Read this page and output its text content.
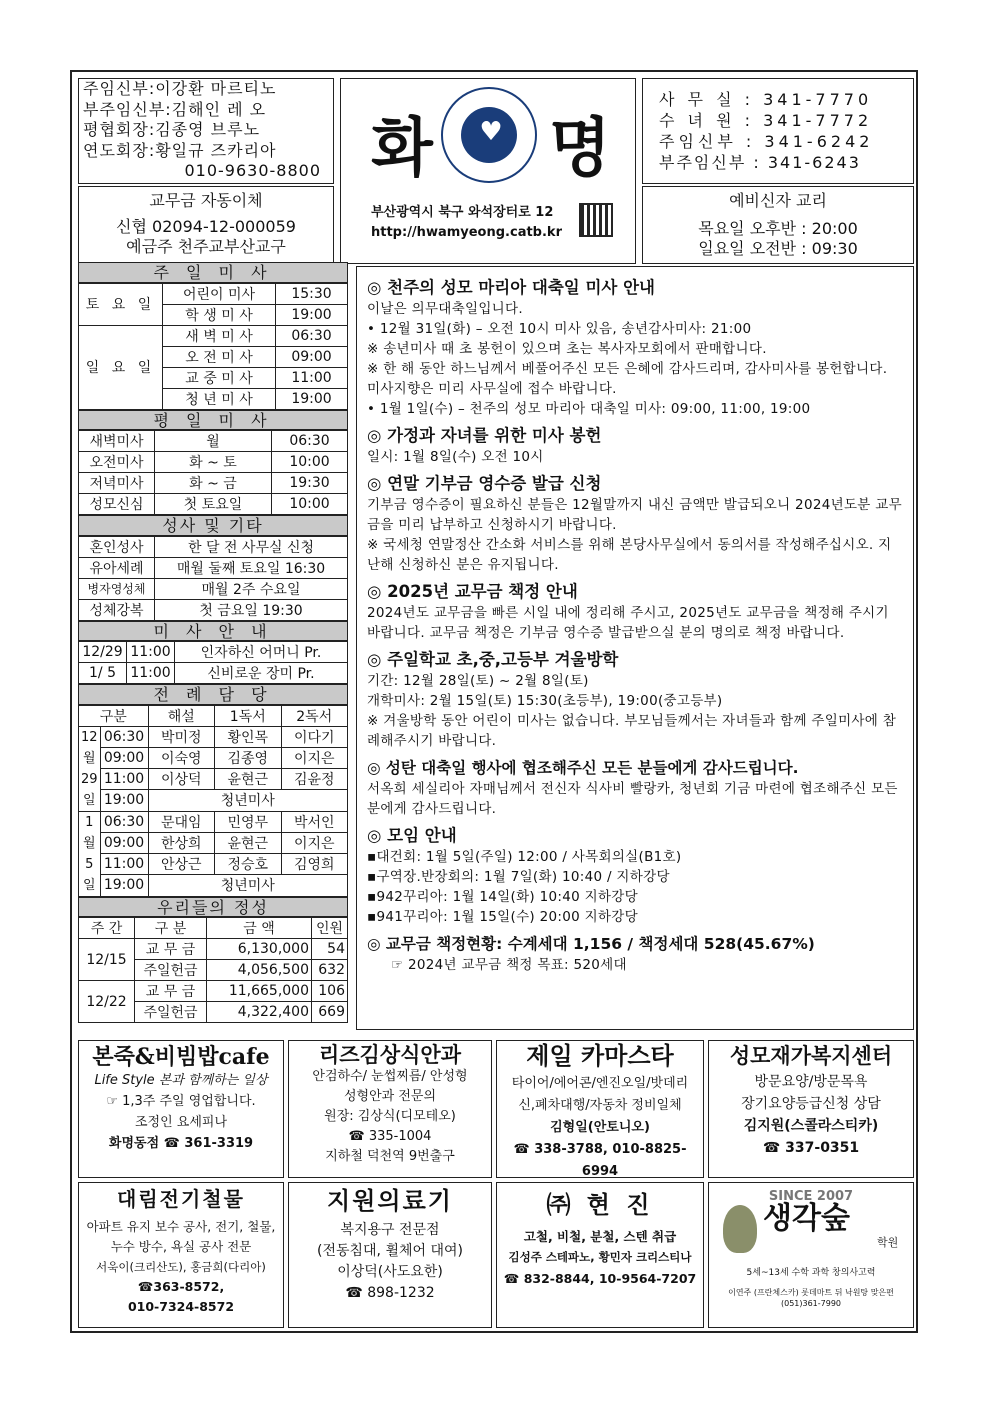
주임신부:이강환 마르티노
부주임신부:김해인 레 오
평협회장:김종영 브루노
연도회장:황일규 즈카리아
010-9630-8800
교무금 자동이체
신협 02094-12-000059
예금주 천주교부산교구
화 ♥ 명
부산광역시 북구 와석장터로 12
http://hwamyeong.catb.kr
사 무 실 : 341-7770
수 녀 원 : 341-7772
주임신부 : 341-6242
부주임신부 : 341-6243
예비신자 교리
목요일 오후반 : 20:00
일요일 오전반 : 09:30
주 일 미 사
토 요 일	어린이 미사	15:30
	학 생 미 사	19:00
일 요 일	새 벽 미 사	06:30
	오 전 미 사	09:00
	교 중 미 사	11:00
	청 년 미 사	19:00
평 일 미 사
새벽미사	월	06:30
오전미사	화 ~ 토	10:00
저녁미사	화 ~ 금	19:30
성모신심	첫 토요일	10:00
성사 및 기타
혼인성사	한 달 전 사무실 신청
유아세례	매월 둘째 토요일 16:30
병자영성체	매월 2주 수요일
성체강복	첫 금요일 19:30
미 사 안 내
12/29	11:00	인자하신 어머니 Pr.
1/ 5	11:00	신비로운 장미 Pr.
전 례 담 당
구분		해설	1독서	2독서
12월29일	06:30	박미정	황인목	이다기
	09:00	이숙영	김종영	이지은
	11:00	이상덕	윤현근	김윤정
	19:00	청년미사		
1월5일	06:30	문대임	민영무	박서인
	09:00	한상희	윤현근	이지은
	11:00	안상근	정승호	김영희
	19:00	청년미사		
우리들의 정성
주 간	구 분	금 액	인원
12/15	교 무 금	6,130,000	54
	주일헌금	4,056,500	632
12/22	교 무 금	11,665,000	106
	주일헌금	4,322,400	669
◎ 천주의 성모 마리아 대축일 미사 안내

이날은 의무대축일입니다.

• 12월 31일(화) – 오전 10시 미사 있음, 송년감사미사: 21:00

※ 송년미사 때 초 봉헌이 있으며 초는 복사자모회에서 판매합니다.

※ 한 해 동안 하느님께서 베풀어주신 모든 은혜에 감사드리며, 감사미사를 봉헌합니다. 미사지향은 미리 사무실에 접수 바랍니다.

• 1월 1일(수) – 천주의 성모 마리아 대축일 미사: 09:00, 11:00, 19:00

◎ 가정과 자녀를 위한 미사 봉헌

일시: 1월 8일(수) 오전 10시

◎ 연말 기부금 영수증 발급 신청

기부금 영수증이 필요하신 분들은 12월말까지 내신 금액만 발급되오니 2024년도분 교무금을 미리 납부하고 신청하시기 바랍니다.

※ 국세청 연말정산 간소화 서비스를 위해 본당사무실에서 동의서를 작성해주십시오. 지난해 신청하신 분은 유지됩니다.

◎ 2025년 교무금 책정 안내

2024년도 교무금을 빠른 시일 내에 정리해 주시고, 2025년도 교무금을 책정해 주시기 바랍니다. 교무금 책정은 기부금 영수증 발급받으실 분의 명의로 책정 바랍니다.

◎ 주일학교 초,중,고등부 겨울방학

기간: 12월 28일(토) ~ 2월 8일(토)

개학미사: 2월 15일(토) 15:30(초등부), 19:00(중고등부)

※ 겨울방학 동안 어린이 미사는 없습니다. 부모님들께서는 자녀들과 함께 주일미사에 참례해주시기 바랍니다.

◎ 성탄 대축일 행사에 협조해주신 모든 분들에게 감사드립니다.

서옥희 세실리아 자매님께서 전신자 식사비 빨랑카, 청년회 기금 마련에 협조해주신 모든 분에게 감사드립니다.

◎ 모임 안내

▪대건회: 1월 5일(주일) 12:00 / 사목회의실(B1호)

▪구역장.반장회의: 1월 7일(화) 10:40 / 지하강당

▪942꾸리아: 1월 14일(화) 10:40 지하강당

▪941꾸리아: 1월 15일(수) 20:00 지하강당

◎ 교무금 책정현황: 수계세대 1,156 / 책정세대 528(45.67%)

☞ 2024년 교무금 책정 목표: 520세대

본죽&비빔밥cafe
Life Style 본과 함께하는 일상
☞ 1,3주 주일 영업합니다.
조정인 요세피나
화명동점 ☎ 361-3319
리즈김상식안과
안검하수/ 눈썹찌름/ 안성형
성형안과 전문의
원장: 김상식(디모테오)
☎ 335-1004
지하철 덕천역 9번출구
제일 카마스타
타이어/에어콘/엔진오일/밧데리
신,폐차대행/자동차 정비일체
김형일(안토니오)
☎ 338-3788, 010-8825-6994
성모재가복지센터
방문요양/방문목욕
장기요양등급신청 상담
김지원(스콜라스티카)
☎ 337-0351
대림전기철물
아파트 유지 보수 공사, 전기, 철물,
누수 방수, 욕실 공사 전문
서욱이(크리산도), 홍금희(다리아)
☎363-8572,
010-7324-8572
지원의료기
복지용구 전문점
(전동침대, 휠체어 대여)
이상덕(사도요한)
☎ 898-1232
㈜ 현 진
고철, 비철, 분철, 스텐 취급
김성주 스테파노, 황민자 크리스티나
☎ 832-8844, 10-9564-7207
SINCE 2007
생각숲
학원
5세~13세 수학 과학 창의사고력
이연주 (프란체스카) 롯데마트 뒤 낙원탕 맞은편 (051)361-7990
